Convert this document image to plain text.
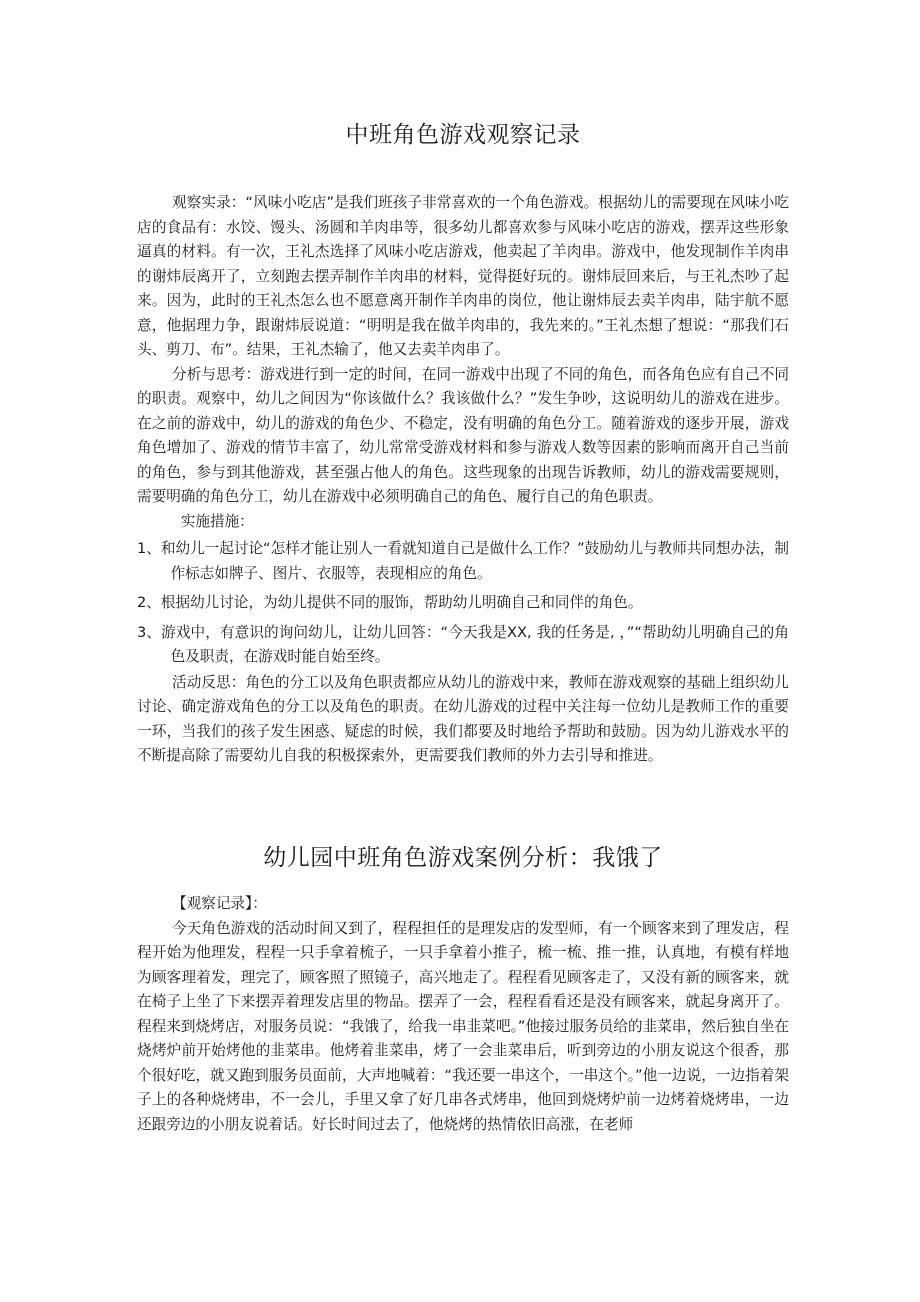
中班角色游戏观察记录

观察实录：“风味小吃店”是我们班孩子非常喜欢的一个角色游戏。根据幼儿的需要现在风味小吃店的食品有：水饺、馒头、汤圆和羊肉串等，很多幼儿都喜欢参与风味小吃店的游戏，摆弄这些形象逼真的材料。有一次，王礼杰选择了风味小吃店游戏，他卖起了羊肉串。游戏中，他发现制作羊肉串的谢炜辰离开了，立刻跑去摆弄制作羊肉串的材料，觉得挺好玩的。谢炜辰回来后，与王礼杰吵了起来。因为，此时的王礼杰怎么也不愿意离开制作羊肉串的岗位，他让谢炜辰去卖羊肉串，陆宇航不愿意，他据理力争，跟谢炜辰说道：“明明是我在做羊肉串的，我先来的。”王礼杰想了想说：“那我们石头、剪刀、布”。结果，王礼杰输了，他又去卖羊肉串了。

分析与思考：游戏进行到一定的时间，在同一游戏中出现了不同的角色，而各角色应有自己不同的职责。观察中，幼儿之间因为“你该做什么？我该做什么？”发生争吵，这说明幼儿的游戏在进步。在之前的游戏中，幼儿的游戏的角色少、不稳定，没有明确的角色分工。随着游戏的逐步开展，游戏角色增加了、游戏的情节丰富了，幼儿常常受游戏材料和参与游戏人数等因素的影响而离开自己当前的角色，参与到其他游戏，甚至强占他人的角色。这些现象的出现告诉教师，幼儿的游戏需要规则，需要明确的角色分工，幼儿在游戏中必须明确自己的角色、履行自己的角色职责。

实施措施：

1、和幼儿一起讨论“怎样才能让别人一看就知道自己是做什么工作？”鼓励幼儿与教师共同想办法，制作标志如牌子、图片、衣服等，表现相应的角色。

2、根据幼儿讨论，为幼儿提供不同的服饰，帮助幼儿明确自己和同伴的角色。

3、游戏中，有意识的询问幼儿，让幼儿回答：“今天我是XX, 我的任务是, ，”“帮助幼儿明确自己的角色及职责，在游戏时能自始至终。

活动反思：角色的分工以及角色职责都应从幼儿的游戏中来，教师在游戏观察的基础上组织幼儿讨论、确定游戏角色的分工以及角色的职责。在幼儿游戏的过程中关注每一位幼儿是教师工作的重要一环，当我们的孩子发生困惑、疑虑的时候，我们都要及时地给予帮助和鼓励。因为幼儿游戏水平的不断提高除了需要幼儿自我的积极探索外，更需要我们教师的外力去引导和推进。

幼儿园中班角色游戏案例分析：我饿了

【观察记录】：

今天角色游戏的活动时间又到了，程程担任的是理发店的发型师，有一个顾客来到了理发店，程程开始为他理发，程程一只手拿着梳子，一只手拿着小推子，梳一梳、推一推，认真地，有模有样地为顾客理着发，理完了，顾客照了照镜子，高兴地走了。程程看见顾客走了，又没有新的顾客来，就在椅子上坐了下来摆弄着理发店里的物品。摆弄了一会，程程看看还是没有顾客来，就起身离开了。程程来到烧烤店，对服务员说：“我饿了，给我一串韭菜吧。”他接过服务员给的韭菜串，然后独自坐在烧烤炉前开始烤他的韭菜串。他烤着韭菜串，烤了一会韭菜串后，听到旁边的小朋友说这个很香，那个很好吃，就又跑到服务员面前，大声地喊着：“我还要一串这个，一串这个。”他一边说，一边指着架子上的各种烧烤串，不一会儿，手里又拿了好几串各式烤串，他回到烧烤炉前一边烤着烧烤串，一边还跟旁边的小朋友说着话。好长时间过去了，他烧烤的热情依旧高涨，在老师
